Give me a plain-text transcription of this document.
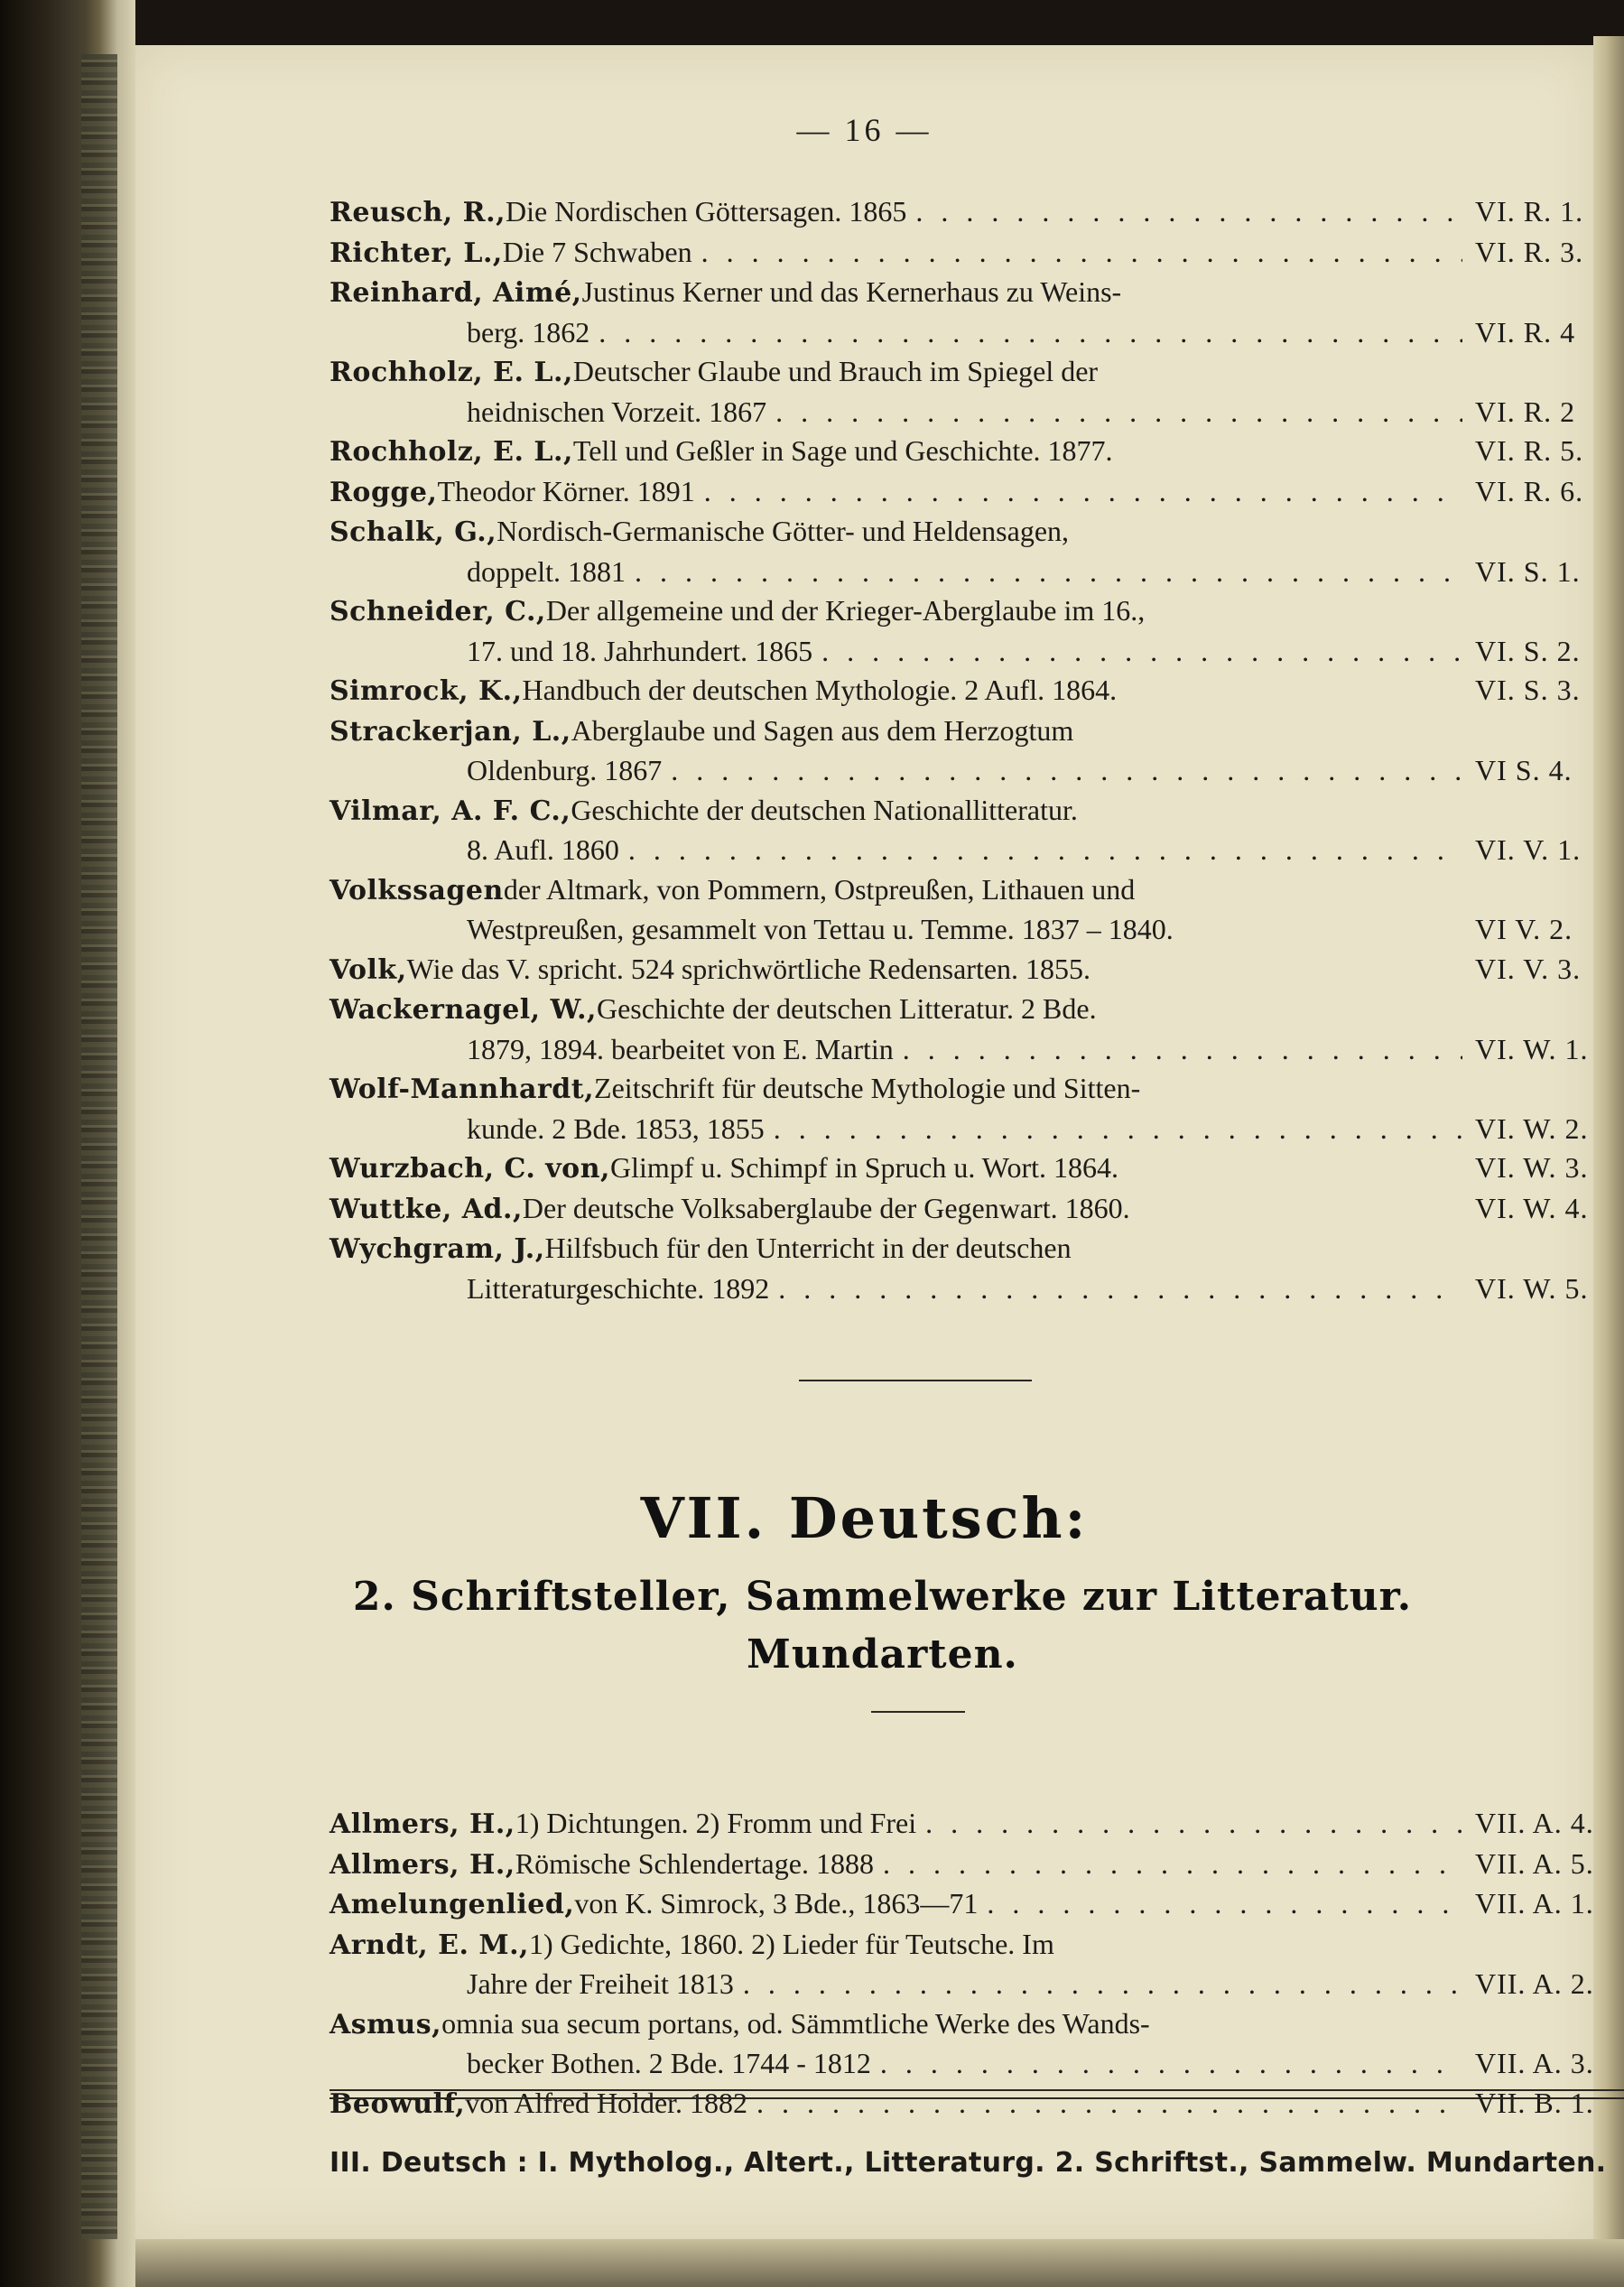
— 16 —
Reusch, R., Die Nordischen Göttersagen. 1865 . . .	VI. R. 1.
Richter, L., Die 7 Schwaben . . .	VI. R. 3.
Reinhard, Aimé, Justinus Kerner und das Kernerhaus zu Weins-
berg. 1862 . . .	VI. R. 4
Rochholz, E. L., Deutscher Glaube und Brauch im Spiegel der
heidnischen Vorzeit. 1867 . . .	VI. R. 2
Rochholz, E. L., Tell und Geßler in Sage und Geschichte. 1877.	VI. R. 5.
Rogge, Theodor Körner. 1891 . . .	VI. R. 6.
Schalk, G., Nordisch-Germanische Götter- und Heldensagen,
doppelt. 1881 . . .	VI. S. 1.
Schneider, C., Der allgemeine und der Krieger-Aberglaube im 16.,
17. und 18. Jahrhundert. 1865 . . .	VI. S. 2.
Simrock, K., Handbuch der deutschen Mythologie. 2 Aufl. 1864.	VI. S. 3.
Strackerjan, L., Aberglaube und Sagen aus dem Herzogtum
Oldenburg. 1867 . . .	VI S. 4.
Vilmar, A. F. C., Geschichte der deutschen Nationallitteratur.
8. Aufl. 1860 . . .	VI. V. 1.
Volkssagen der Altmark, von Pommern, Ostpreußen, Lithauen und
Westpreußen, gesammelt von Tettau u. Temme. 1837 – 1840.	VI V. 2.
Volk, Wie das V. spricht. 524 sprichwörtliche Redensarten. 1855.	VI. V. 3.
Wackernagel, W., Geschichte der deutschen Litteratur. 2 Bde.
1879, 1894. bearbeitet von E. Martin . . .	VI. W. 1.
Wolf-Mannhardt, Zeitschrift für deutsche Mythologie und Sitten-
kunde. 2 Bde. 1853, 1855 . . .	VI. W. 2.
Wurzbach, C. von, Glimpf u. Schimpf in Spruch u. Wort. 1864.	VI. W. 3.
Wuttke, Ad., Der deutsche Volksaberglaube der Gegenwart. 1860.	VI. W. 4.
Wychgram, J., Hilfsbuch für den Unterricht in der deutschen
Litteraturgeschichte. 1892 . . .	VI. W. 5.
VII. Deutsch:
2. Schriftsteller, Sammelwerke zur Litteratur.
Mundarten.
Allmers, H., 1) Dichtungen. 2) Fromm und Frei . . .	VII. A. 4.
Allmers, H., Römische Schlendertage. 1888 . . .	VII. A. 5.
Amelungenlied, von K. Simrock, 3 Bde., 1863—71 . . .	VII. A. 1.
Arndt, E. M., 1) Gedichte, 1860. 2) Lieder für Teutsche. Im
Jahre der Freiheit 1813 . . .	VII. A. 2.
Asmus, omnia sua secum portans, od. Sämmtliche Werke des Wands-
becker Bothen. 2 Bde. 1744 - 1812 . . .	VII. A. 3.
Beowulf, von Alfred Holder. 1882 . . .	VII. B. 1.
III. Deutsch : I. Mytholog., Altert., Litteraturg. 2. Schriftst., Sammelw. Mundarten.
